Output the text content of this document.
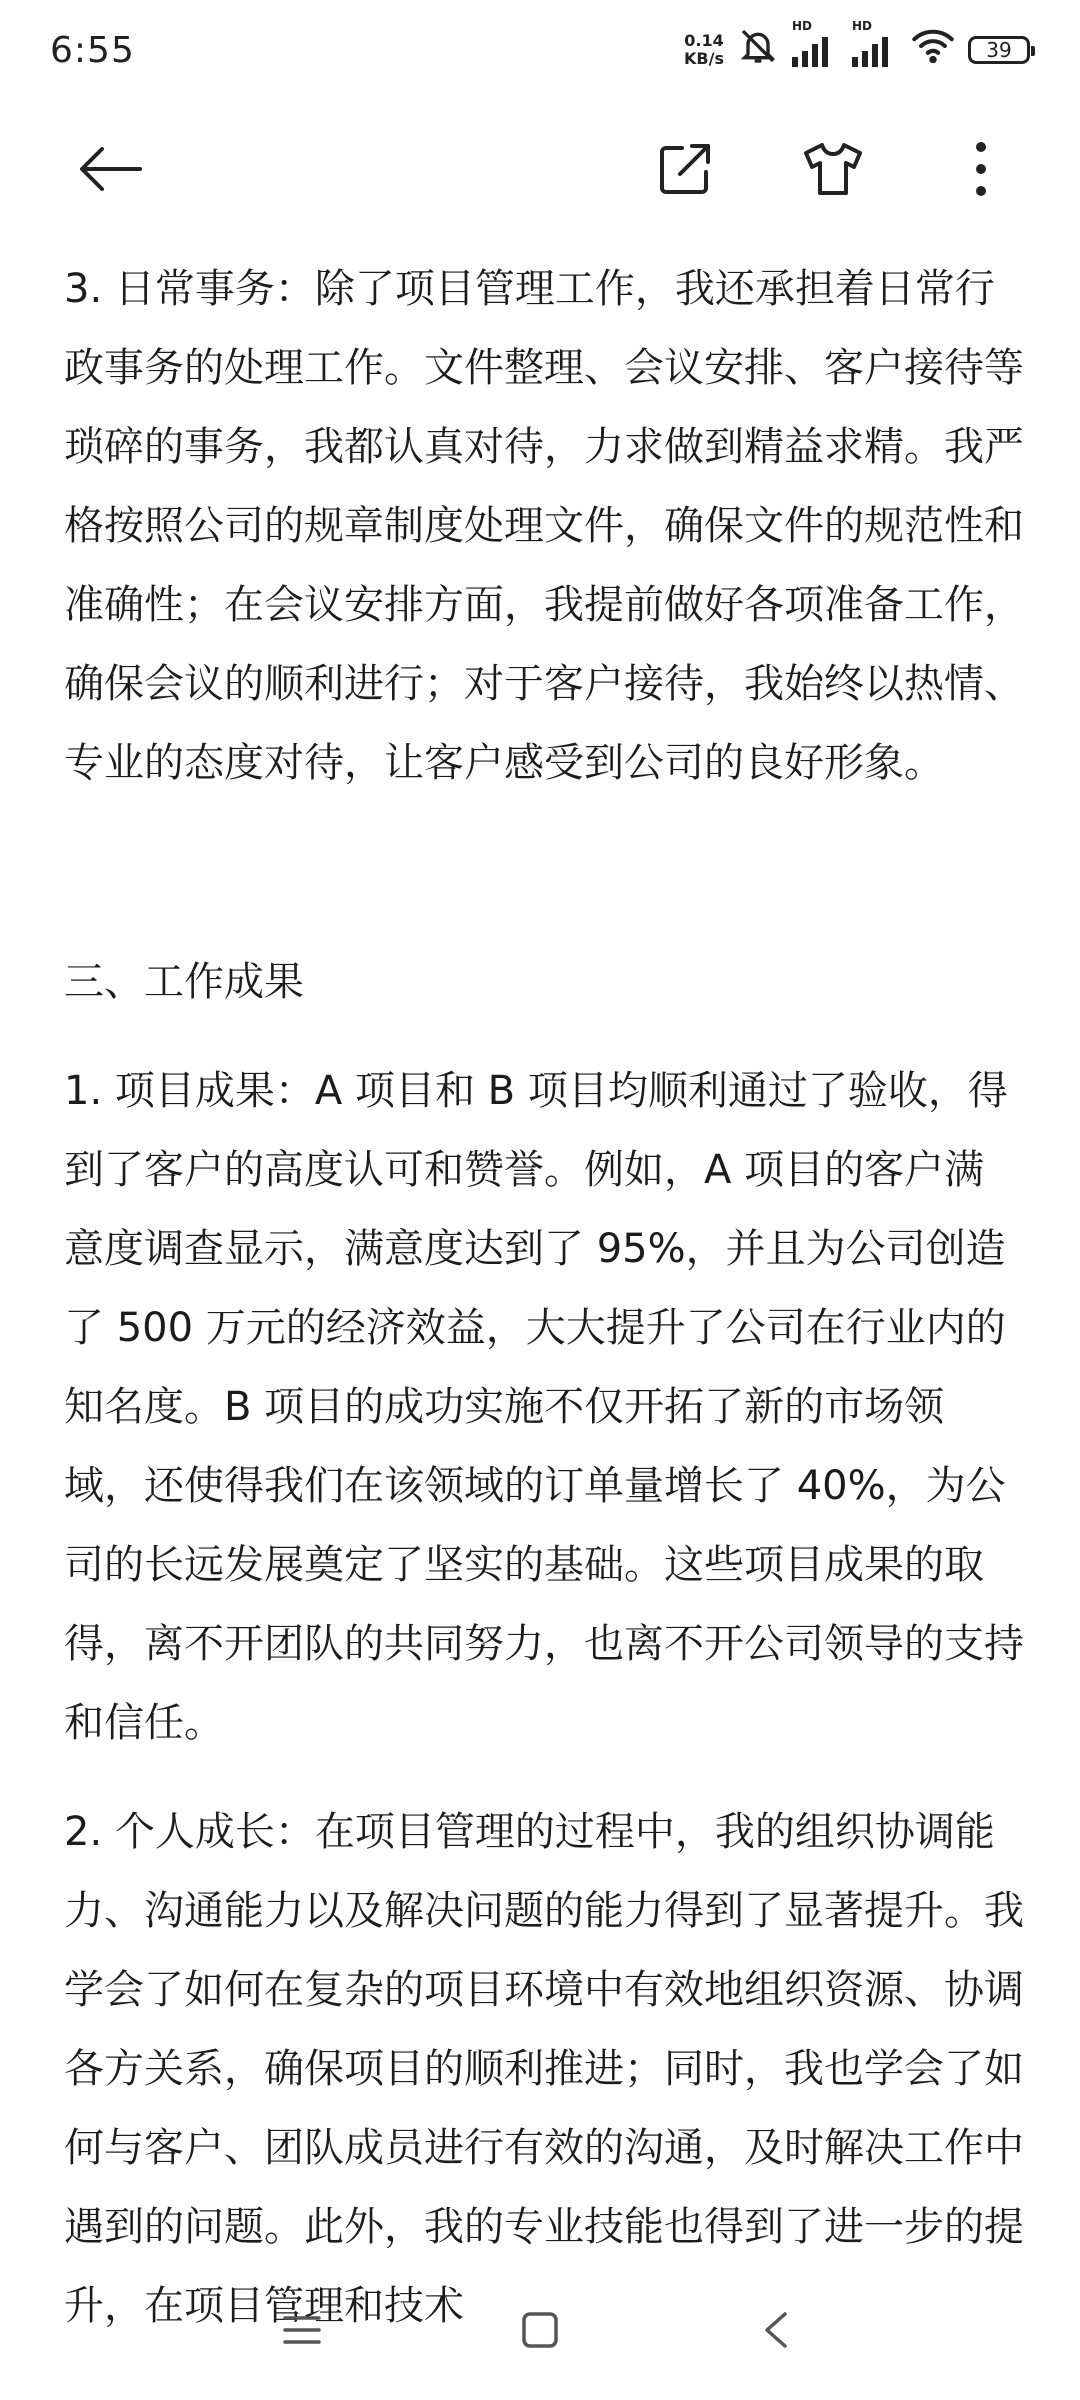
6:55	0.14
KB/s
HD	HD
39

3. 日常事务：除了项目管理工作，我还承担着日常行政事务的处理工作。文件整理、会议安排、客户接待等琐碎的事务，我都认真对待，力求做到精益求精。我严格按照公司的规章制度处理文件，确保文件的规范性和准确性；在会议安排方面，我提前做好各项准备工作，确保会议的顺利进行；对于客户接待，我始终以热情、专业的态度对待，让客户感受到公司的良好形象。

三、工作成果

1. 项目成果：A 项目和 B 项目均顺利通过了验收，得到了客户的高度认可和赞誉。例如，A 项目的客户满意度调查显示，满意度达到了 95%，并且为公司创造了 500 万元的经济效益，大大提升了公司在行业内的知名度。B 项目的成功实施不仅开拓了新的市场领域，还使得我们在该领域的订单量增长了 40%，为公司的长远发展奠定了坚实的基础。这些项目成果的取得，离不开团队的共同努力，也离不开公司领导的支持和信任。

2. 个人成长：在项目管理的过程中，我的组织协调能力、沟通能力以及解决问题的能力得到了显著提升。我学会了如何在复杂的项目环境中有效地组织资源、协调各方关系，确保项目的顺利推进；同时，我也学会了如何与客户、团队成员进行有效的沟通，及时解决工作中遇到的问题。此外，我的专业技能也得到了进一步的提升，在项目管理和技术
